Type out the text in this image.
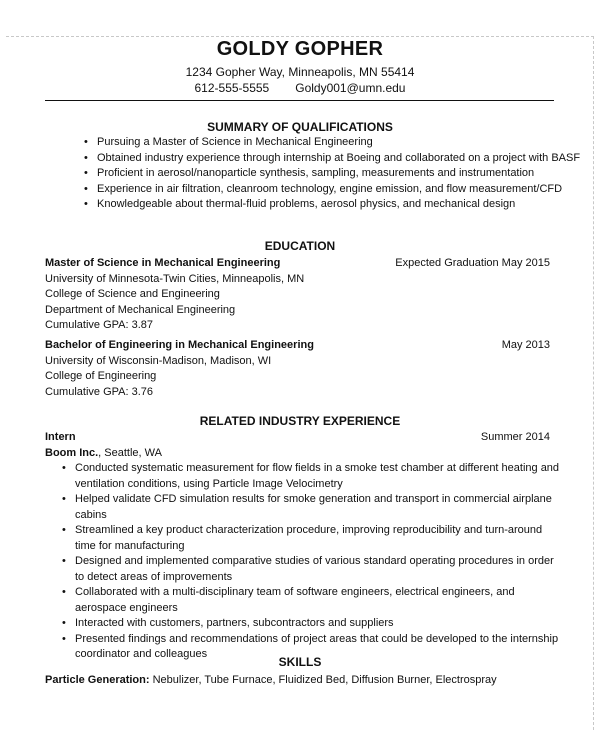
GOLDY GOPHER
1234 Gopher Way, Minneapolis, MN 55414
612-555-5555 Goldy001@umn.edu
SUMMARY OF QUALIFICATIONS
• Pursuing a Master of Science in Mechanical Engineering
• Obtained industry experience through internship at Boeing and collaborated on a project with BASF
• Proficient in aerosol/nanoparticle synthesis, sampling, measurements and instrumentation
• Experience in air filtration, cleanroom technology, engine emission, and flow measurement/CFD
• Knowledgeable about thermal-fluid problems, aerosol physics, and mechanical design
EDUCATION
Master of Science in Mechanical Engineering	Expected Graduation May 2015
University of Minnesota-Twin Cities, Minneapolis, MN
College of Science and Engineering
Department of Mechanical Engineering
Cumulative GPA: 3.87
Bachelor of Engineering in Mechanical Engineering	May 2013
University of Wisconsin-Madison, Madison, WI
College of Engineering
Cumulative GPA: 3.76
RELATED INDUSTRY EXPERIENCE
Intern	Summer 2014
Boom Inc., Seattle, WA
• Conducted systematic measurement for flow fields in a smoke test chamber at different heating and ventilation conditions, using Particle Image Velocimetry
• Helped validate CFD simulation results for smoke generation and transport in commercial airplane cabins
• Streamlined a key product characterization procedure, improving reproducibility and turn-around time for manufacturing
• Designed and implemented comparative studies of various standard operating procedures in order to detect areas of improvements
• Collaborated with a multi-disciplinary team of software engineers, electrical engineers, and aerospace engineers
• Interacted with customers, partners, subcontractors and suppliers
• Presented findings and recommendations of project areas that could be developed to the internship coordinator and colleagues
SKILLS
Particle Generation: Nebulizer, Tube Furnace, Fluidized Bed, Diffusion Burner, Electrospray
